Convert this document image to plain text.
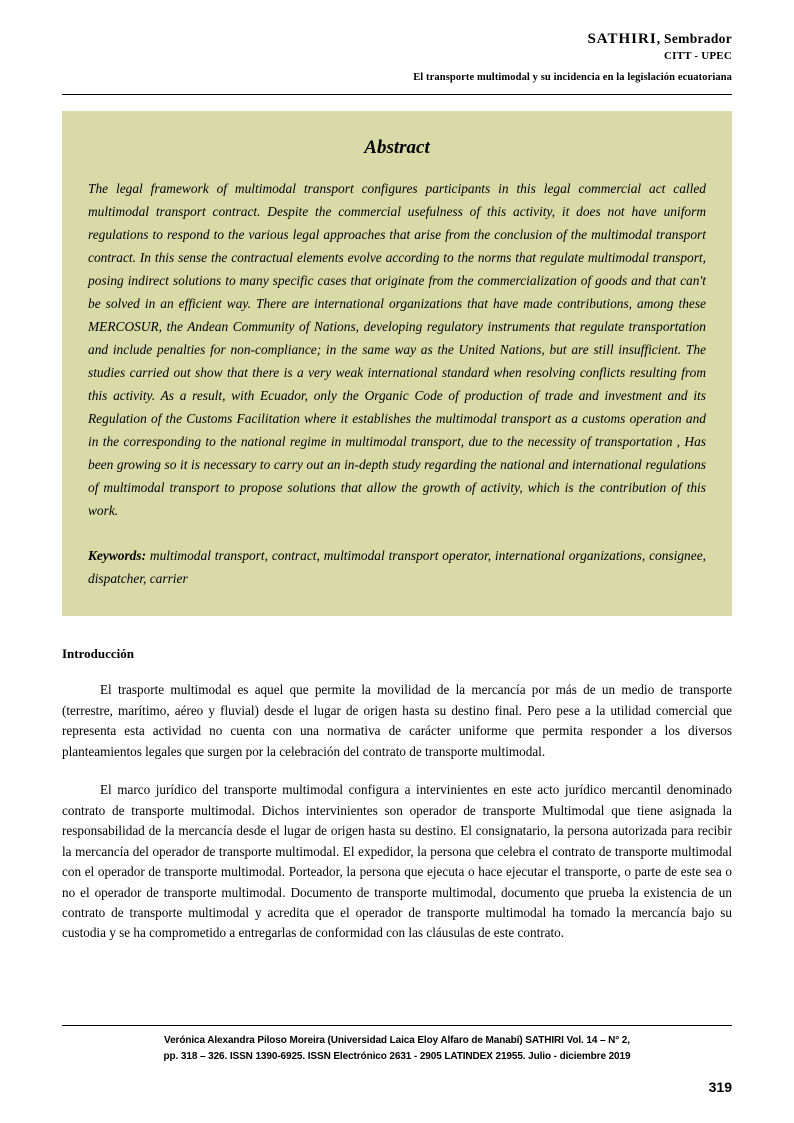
SATHIRI, Sembrador
CITT - UPEC
El transporte multimodal y su incidencia en la legislación ecuatoriana
Abstract

The legal framework of multimodal transport configures participants in this legal commercial act called multimodal transport contract. Despite the commercial usefulness of this activity, it does not have uniform regulations to respond to the various legal approaches that arise from the conclusion of the multimodal transport contract. In this sense the contractual elements evolve according to the norms that regulate multimodal transport, posing indirect solutions to many specific cases that originate from the commercialization of goods and that can't be solved in an efficient way. There are international organizations that have made contributions, among these MERCOSUR, the Andean Community of Nations, developing regulatory instruments that regulate transportation and include penalties for non-compliance; in the same way as the United Nations, but are still insufficient. The studies carried out show that there is a very weak international standard when resolving conflicts resulting from this activity. As a result, with Ecuador, only the Organic Code of production of trade and investment and its Regulation of the Customs Facilitation where it establishes the multimodal transport as a customs operation and in the corresponding to the national regime in multimodal transport, due to the necessity of transportation , Has been growing so it is necessary to carry out an in-depth study regarding the national and international regulations of multimodal transport to propose solutions that allow the growth of activity, which is the contribution of this work.

Keywords: multimodal transport, contract, multimodal transport operator, international organizations, consignee, dispatcher, carrier

Introducción

El trasporte multimodal es aquel que permite la movilidad de la mercancía por más de un medio de transporte (terrestre, marítimo, aéreo y fluvial) desde el lugar de origen hasta su destino final. Pero pese a la utilidad comercial que representa esta actividad no cuenta con una normativa de carácter uniforme que permita responder a los diversos planteamientos legales que surgen por la celebración del contrato de transporte multimodal.

El marco jurídico del transporte multimodal configura a intervinientes en este acto jurídico mercantil denominado contrato de transporte multimodal. Dichos intervinientes son operador de transporte Multimodal que tiene asignada la responsabilidad de la mercancía desde el lugar de origen hasta su destino. El consignatario, la persona autorizada para recibir la mercancía del operador de transporte multimodal. El expedidor, la persona que celebra el contrato de transporte multimodal con el operador de transporte multimodal. Porteador, la persona que ejecuta o hace ejecutar el transporte, o parte de este sea o no el operador de transporte multimodal. Documento de transporte multimodal, documento que prueba la existencia de un contrato de transporte multimodal y acredita que el operador de transporte multimodal ha tomado la mercancía bajo su custodia y se ha comprometido a entregarlas de conformidad con las cláusulas de este contrato.

Verónica Alexandra Piloso Moreira (Universidad Laica Eloy Alfaro de Manabí) SATHIRI Vol. 14 – N° 2,
pp. 318 – 326. ISSN 1390-6925. ISSN Electrónico 2631 - 2905 LATINDEX 21955. Julio - diciembre 2019
319
